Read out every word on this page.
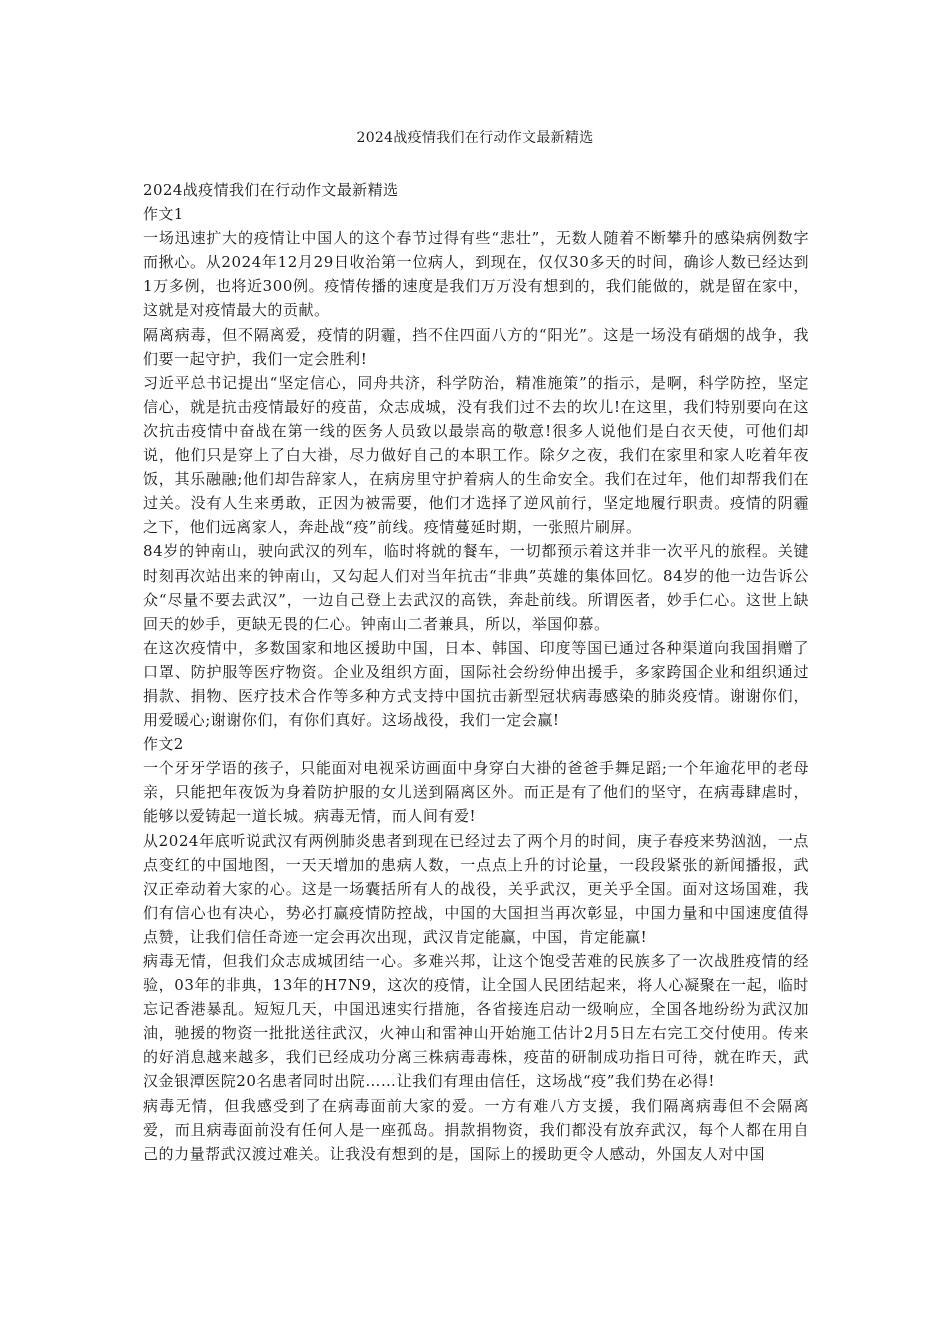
2024战疫情我们在行动作文最新精选

2024战疫情我们在行动作文最新精选

作文1

一场迅速扩大的疫情让中国人的这个春节过得有些“悲壮”，无数人随着不断攀升的感染病例数字而揪心。从2024年12月29日收治第一位病人，到现在，仅仅30多天的时间，确诊人数已经达到1万多例，也将近300例。疫情传播的速度是我们万万没有想到的，我们能做的，就是留在家中，这就是对疫情最大的贡献。

隔离病毒，但不隔离爱，疫情的阴霾，挡不住四面八方的“阳光”。这是一场没有硝烟的战争，我们要一起守护，我们一定会胜利!

习近平总书记提出“坚定信心，同舟共济，科学防治，精准施策”的指示，是啊，科学防控，坚定信心，就是抗击疫情最好的疫苗，众志成城，没有我们过不去的坎儿!在这里，我们特别要向在这次抗击疫情中奋战在第一线的医务人员致以最崇高的敬意!很多人说他们是白衣天使，可他们却说，他们只是穿上了白大褂，尽力做好自己的本职工作。除夕之夜，我们在家里和家人吃着年夜饭，其乐融融;他们却告辞家人，在病房里守护着病人的生命安全。我们在过年，他们却帮我们在过关。没有人生来勇敢，正因为被需要，他们才选择了逆风前行，坚定地履行职责。疫情的阴霾之下，他们远离家人，奔赴战“疫”前线。疫情蔓延时期，一张照片刷屏。

84岁的钟南山，驶向武汉的列车，临时将就的餐车，一切都预示着这并非一次平凡的旅程。关键时刻再次站出来的钟南山，又勾起人们对当年抗击“非典”英雄的集体回忆。84岁的他一边告诉公众“尽量不要去武汉”，一边自己登上去武汉的高铁，奔赴前线。所谓医者，妙手仁心。这世上缺回天的妙手，更缺无畏的仁心。钟南山二者兼具，所以，举国仰慕。

在这次疫情中，多数国家和地区援助中国，日本、韩国、印度等国已通过各种渠道向我国捐赠了口罩、防护服等医疗物资。企业及组织方面，国际社会纷纷伸出援手，多家跨国企业和组织通过捐款、捐物、医疗技术合作等多种方式支持中国抗击新型冠状病毒感染的肺炎疫情。谢谢你们，用爱暖心;谢谢你们，有你们真好。这场战役，我们一定会赢!

作文2

一个牙牙学语的孩子，只能面对电视采访画面中身穿白大褂的爸爸手舞足蹈;一个年逾花甲的老母亲，只能把年夜饭为身着防护服的女儿送到隔离区外。而正是有了他们的坚守，在病毒肆虐时，能够以爱铸起一道长城。病毒无情，而人间有爱!

从2024年底听说武汉有两例肺炎患者到现在已经过去了两个月的时间，庚子春疫来势汹汹，一点点变红的中国地图，一天天增加的患病人数，一点点上升的讨论量，一段段紧张的新闻播报，武汉正牵动着大家的心。这是一场囊括所有人的战役，关乎武汉，更关乎全国。面对这场国难，我们有信心也有决心，势必打赢疫情防控战，中国的大国担当再次彰显，中国力量和中国速度值得点赞，让我们信任奇迹一定会再次出现，武汉肯定能赢，中国，肯定能赢!

病毒无情，但我们众志成城团结一心。多难兴邦，让这个饱受苦难的民族多了一次战胜疫情的经验，03年的非典，13年的H7N9，这次的疫情，让全国人民团结起来，将人心凝聚在一起，临时忘记香港暴乱。短短几天，中国迅速实行措施，各省接连启动一级响应，全国各地纷纷为武汉加油，驰援的物资一批批送往武汉，火神山和雷神山开始施工估计2月5日左右完工交付使用。传来的好消息越来越多，我们已经成功分离三株病毒毒株，疫苗的研制成功指日可待，就在昨天，武汉金银潭医院20名患者同时出院……让我们有理由信任，这场战“疫”我们势在必得!

病毒无情，但我感受到了在病毒面前大家的爱。一方有难八方支援，我们隔离病毒但不会隔离爱，而且病毒面前没有任何人是一座孤岛。捐款捐物资，我们都没有放弃武汉，每个人都在用自己的力量帮武汉渡过难关。让我没有想到的是，国际上的援助更令人感动，外国友人对中国
